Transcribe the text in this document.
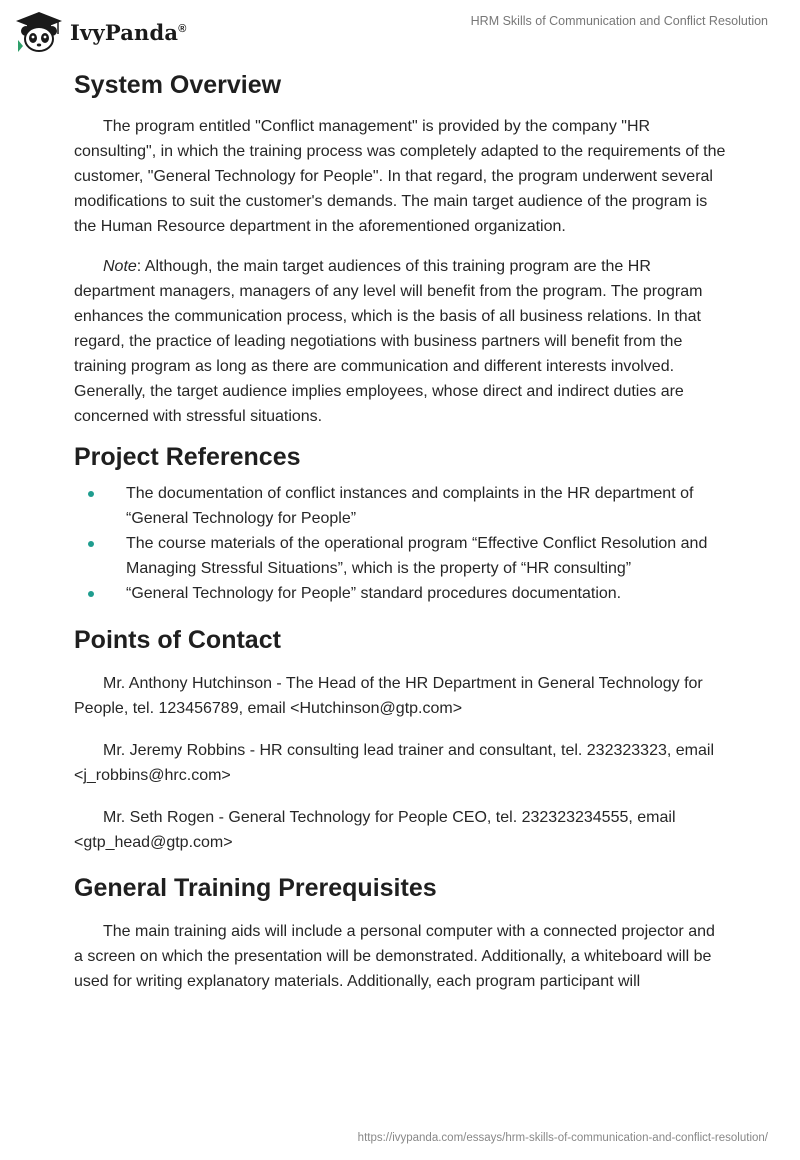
IvyPanda®
HRM Skills of Communication and Conflict Resolution
System Overview

The program entitled "Conflict management" is provided by the company "HR consulting", in which the training process was completely adapted to the requirements of the customer, "General Technology for People". In that regard, the program underwent several modifications to suit the customer's demands. The main target audience of the program is the Human Resource department in the aforementioned organization.

Note: Although, the main target audiences of this training program are the HR department managers, managers of any level will benefit from the program. The program enhances the communication process, which is the basis of all business relations. In that regard, the practice of leading negotiations with business partners will benefit from the training program as long as there are communication and different interests involved. Generally, the target audience implies employees, whose direct and indirect duties are concerned with stressful situations.

Project References
The documentation of conflict instances and complaints in the HR department of “General Technology for People”
The course materials of the operational program “Effective Conflict Resolution and Managing Stressful Situations”, which is the property of “HR consulting”
“General Technology for People” standard procedures documentation.
Points of Contact

Mr. Anthony Hutchinson - The Head of the HR Department in General Technology for People, tel. 123456789, email <Hutchinson@gtp.com>

Mr. Jeremy Robbins - HR consulting lead trainer and consultant, tel. 232323323, email <j_robbins@hrc.com>

Mr. Seth Rogen - General Technology for People CEO, tel. 232323234555, email <gtp_head@gtp.com>

General Training Prerequisites

The main training aids will include a personal computer with a connected projector and a screen on which the presentation will be demonstrated. Additionally, a whiteboard will be used for writing explanatory materials. Additionally, each program participant will

https://ivypanda.com/essays/hrm-skills-of-communication-and-conflict-resolution/
